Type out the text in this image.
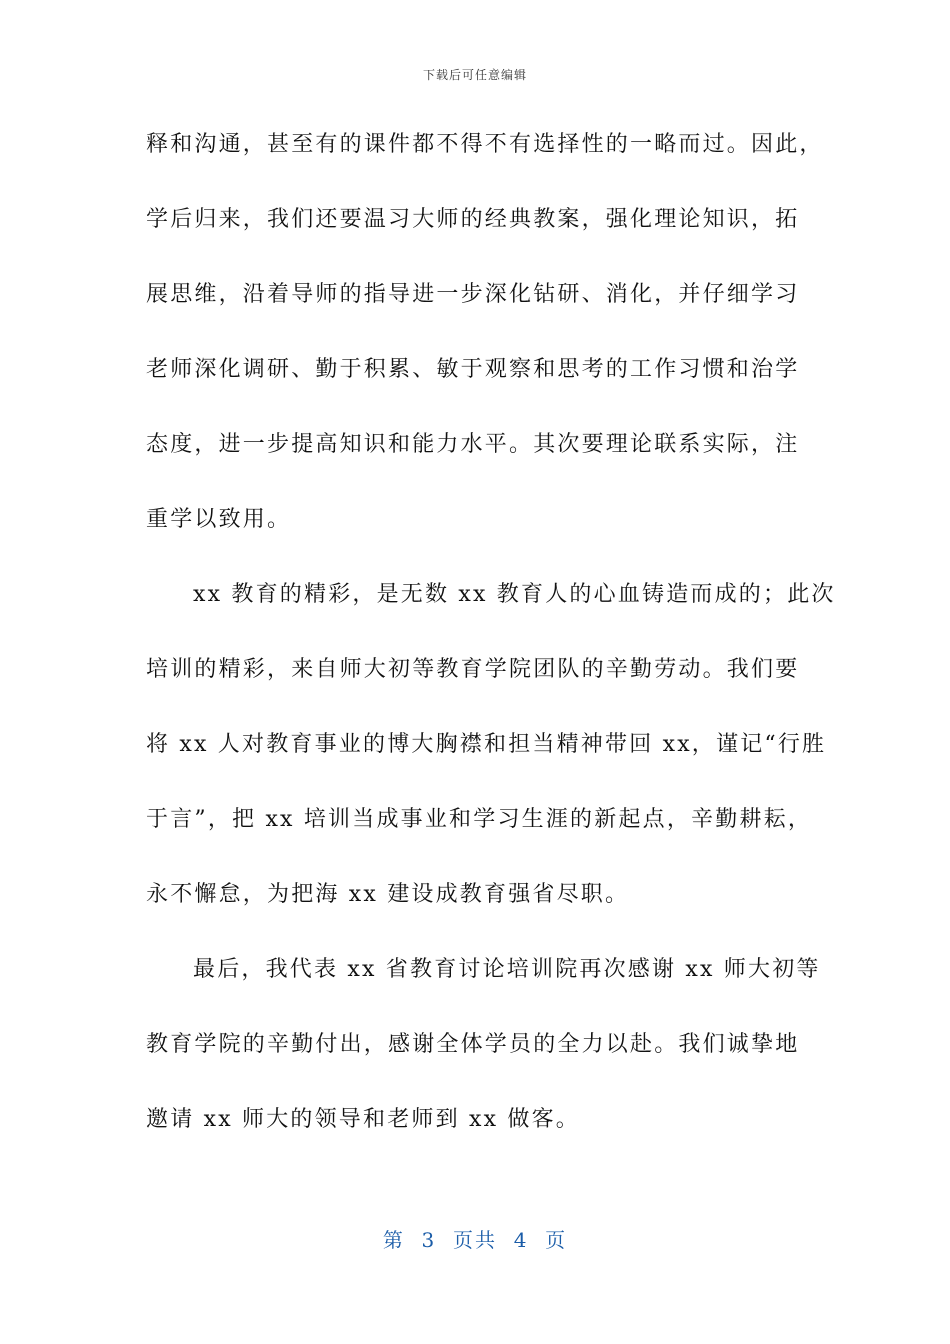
下载后可任意编辑
释和沟通，甚至有的课件都不得不有选择性的一略而过。因此，
学后归来，我们还要温习大师的经典教案，强化理论知识，拓
展思维，沿着导师的指导进一步深化钻研、消化，并仔细学习
老师深化调研、勤于积累、敏于观察和思考的工作习惯和治学
态度，进一步提高知识和能力水平。其次要理论联系实际，注
重学以致用。
xx 教育的精彩，是无数 xx 教育人的心血铸造而成的；此次
培训的精彩，来自师大初等教育学院团队的辛勤劳动。我们要
将 xx 人对教育事业的博大胸襟和担当精神带回 xx，谨记“行胜
于言”，把 xx 培训当成事业和学习生涯的新起点，辛勤耕耘，
永不懈怠，为把海 xx 建设成教育强省尽职。
最后，我代表 xx 省教育讨论培训院再次感谢 xx 师大初等
教育学院的辛勤付出，感谢全体学员的全力以赴。我们诚挚地
邀请 xx 师大的领导和老师到 xx 做客。
第  3  页共  4  页
